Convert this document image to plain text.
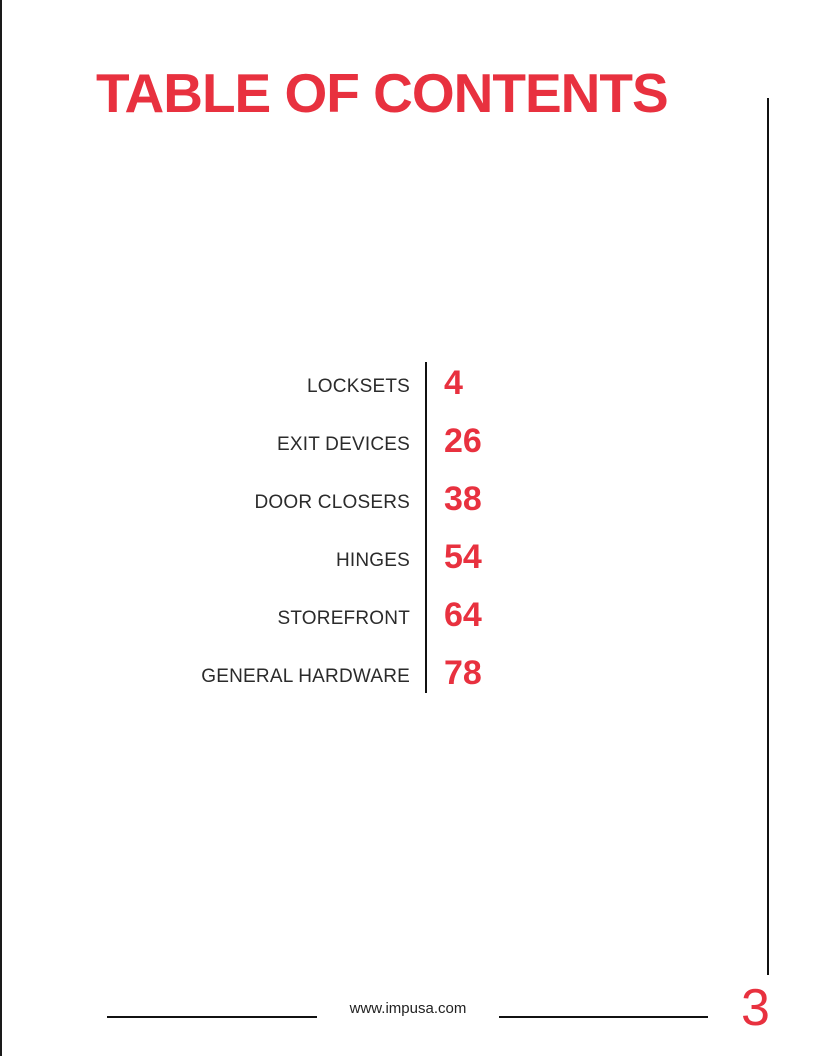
TABLE OF CONTENTS
LOCKSETS 4
EXIT DEVICES 26
DOOR CLOSERS 38
HINGES 54
STOREFRONT 64
GENERAL HARDWARE 78
www.impusa.com	3
